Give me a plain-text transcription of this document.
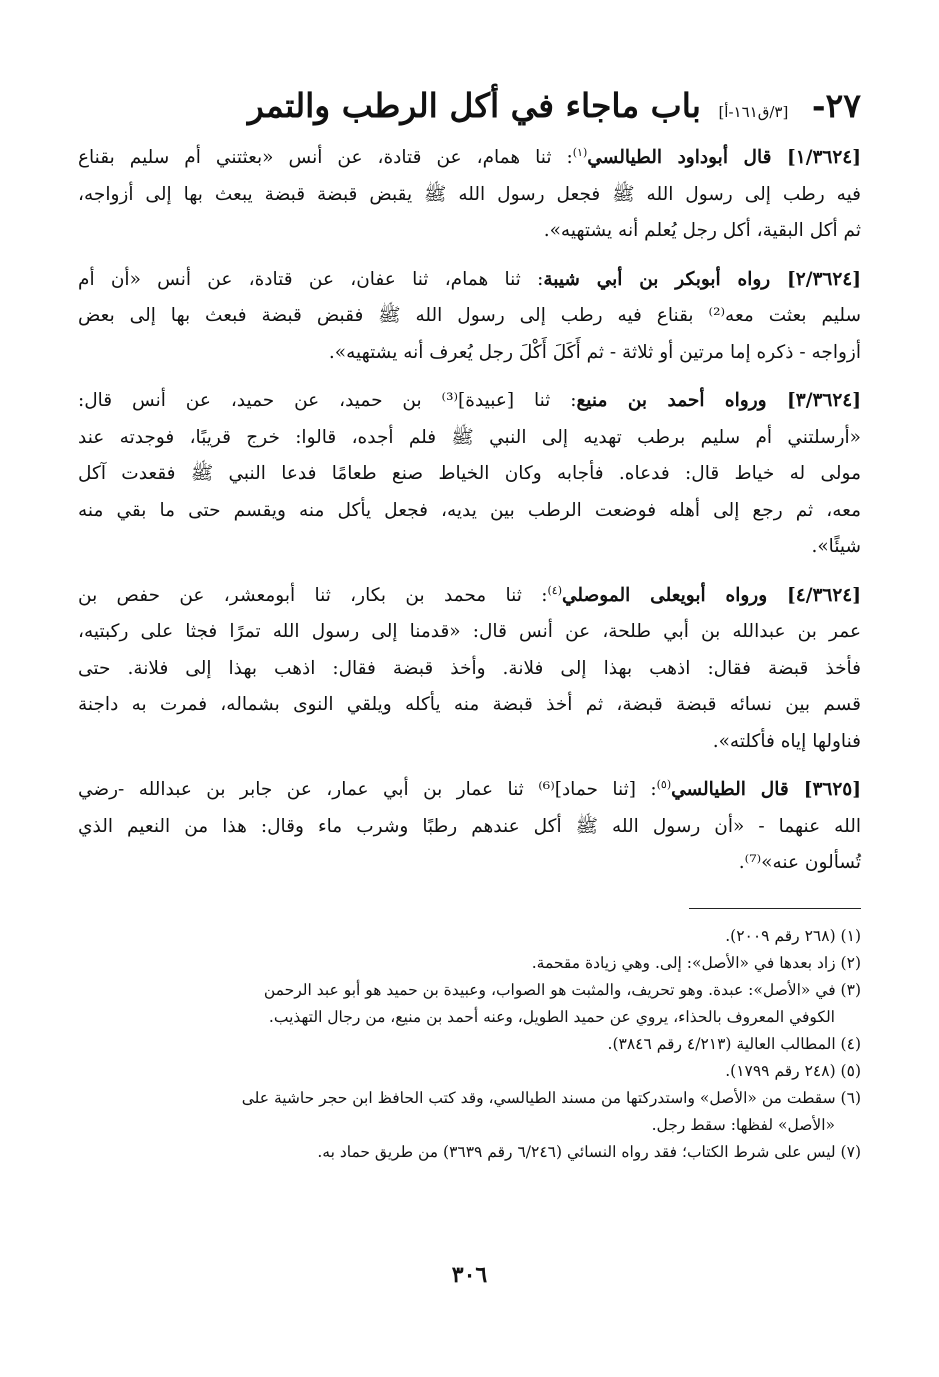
٢٧- [٣/ق١٦١-أ] باب ماجاء في أكل الرطب والتمر
[١/٣٦٢٤] قال أبوداود الطيالسي$^{(١)}$: ثنا همام، عن قتادة، عن أنس «بعثتني أم سليم بقناع
فيه رطب إلى رسول الله ﷺ فجعل رسول الله ﷺ يقبض قبضة قبضة يبعث بها إلى أزواجه،
ثم أكل البقية، أكل رجل يُعلم أنه يشتهيه».
[٢/٣٦٢٤] رواه أبوبكر بن أبي شيبة: ثنا همام، ثنا عفان، عن قتادة، عن أنس «أن أم
سليم بعثت معه⁽²⁾ بقناع فيه رطب إلى رسول الله ﷺ فقبض قبضة فبعث بها إلى بعض
أزواجه - ذكره إما مرتين أو ثلاثة - ثم أَكَلَ أَكْلَ رجل يُعرف أنه يشتهيه».
[٣/٣٦٢٤] ورواه أحمد بن منيع: ثنا [عبيدة]⁽³⁾ بن حميد، عن حميد، عن أنس قال:
«أرسلتني أم سليم برطب تهديه إلى النبي ﷺ فلم أجده، قالوا: خرج قريبًا، فوجدته عند
مولى له خياط قال: فدعاه. فأجابه وكان الخياط صنع طعامًا فدعا النبي ﷺ فقعدت آكل
معه، ثم رجع إلى أهله فوضعت الرطب بين يديه، فجعل يأكل منه ويقسم حتى ما بقي منه
شيئًا».
[٤/٣٦٢٤] ورواه أبويعلى الموصلي$^{(٤)}$: ثنا محمد بن بكار، ثنا أبومعشر، عن حفص بن
عمر بن عبدالله بن أبي طلحة، عن أنس قال: «قدمنا إلى رسول الله تمرًا فجثا على ركبتيه،
فأخذ قبضة فقال: اذهب بهذا إلى فلانة. وأخذ قبضة فقال: اذهب بهذا إلى فلانة. حتى
قسم بين نسائه قبضة قبضة، ثم أخذ قبضة منه يأكله ويلقي النوى بشماله، فمرت به داجنة
فناولها إياه فأكلته».
[٣٦٢٥] قال الطيالسي$^{(٥)}$: [ثنا حماد]⁽⁶⁾ ثنا عمار بن أبي عمار، عن جابر بن عبدالله -رضي
الله عنهما - «أن رسول الله ﷺ أكل عندهم رطبًا وشرب ماء وقال: هذا من النعيم الذي
تُسألون عنه»⁽⁷⁾.
(١) (٢٦٨ رقم ٢٠٠٩).
(٢) زاد بعدها في «الأصل»: إلى. وهي زيادة مقحمة.
(٣) في «الأصل»: عبدة. وهو تحريف، والمثبت هو الصواب، وعبيدة بن حميد هو أبو عبد الرحمن
الكوفي المعروف بالحذاء، يروي عن حميد الطويل، وعنه أحمد بن منيع، من رجال التهذيب.
(٤) المطالب العالية (٤/٢١٣ رقم ٣٨٤٦).
(٥) (٢٤٨ رقم ١٧٩٩).
(٦) سقطت من «الأصل» واستدركتها من مسند الطيالسي، وقد كتب الحافظ ابن حجر حاشية على
«الأصل» لفظها: سقط رجل.
(٧) ليس على شرط الكتاب؛ فقد رواه النسائي (٦/٢٤٦ رقم ٣٦٣٩) من طريق حماد به.
٣٠٦
